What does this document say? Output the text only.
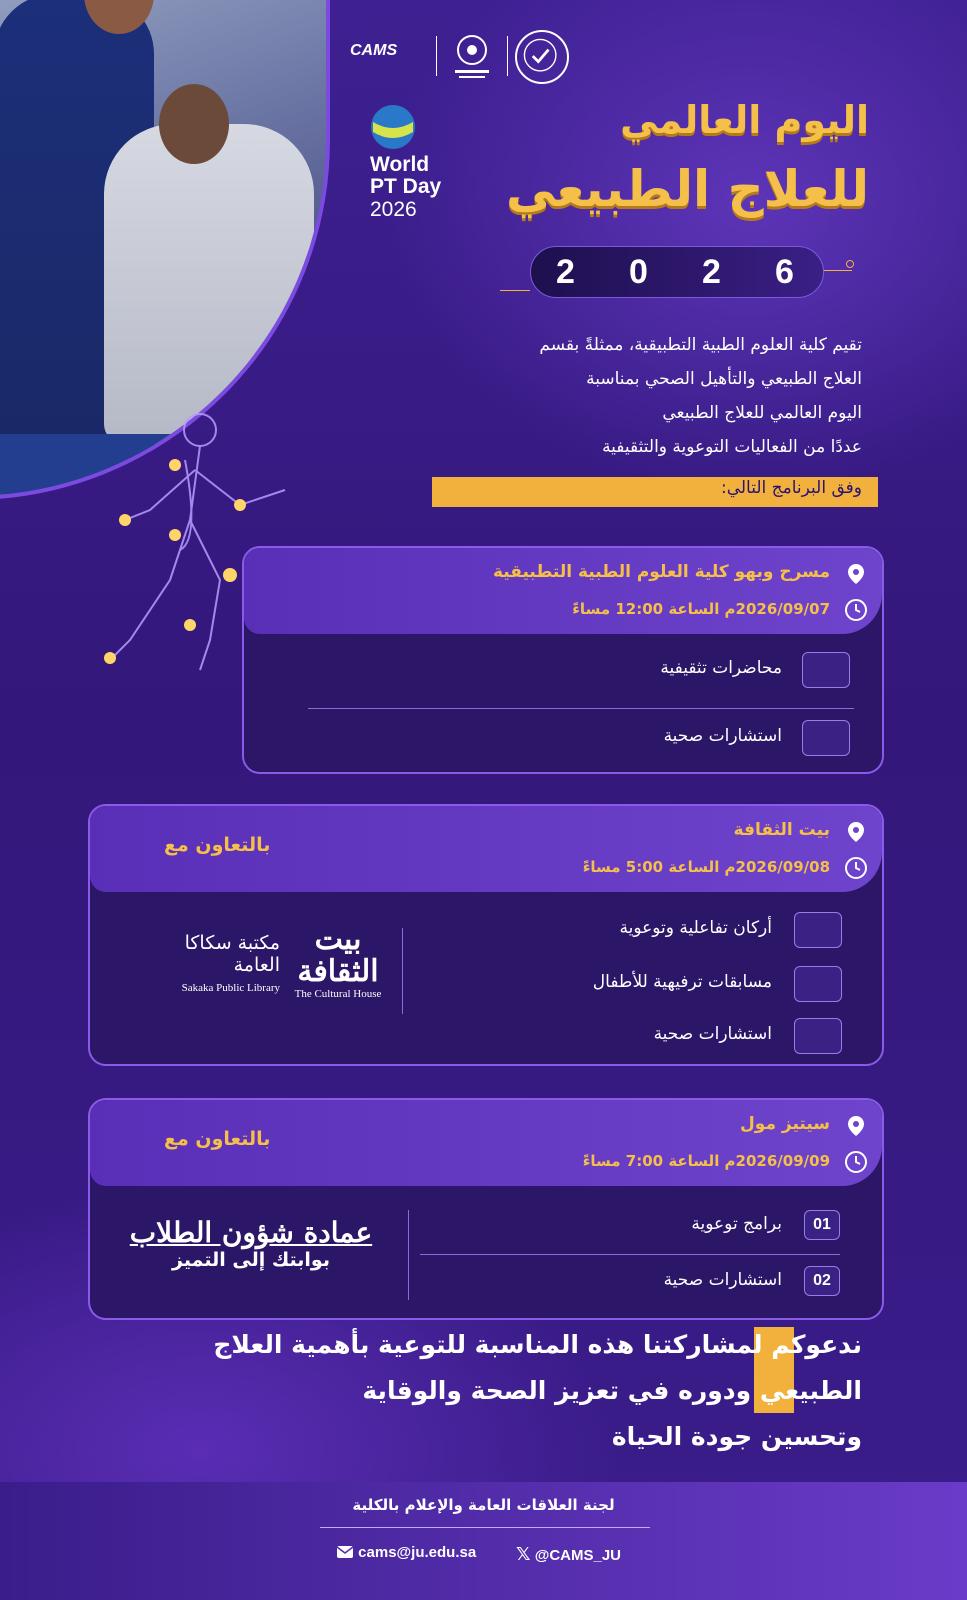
CAMS
World
PT Day
2026
اليوم العالمي
للعلاج الطبيعي
2 0 2 6
تقيم كلية العلوم الطبية التطبيقية، ممثلةً بقسم
العلاج الطبيعي والتأهيل الصحي بمناسبة
اليوم العالمي للعلاج الطبيعي
عددًا من الفعاليات التوعوية والتثقيفية
وفق البرنامج التالي:
مسرح وبهو كلية العلوم الطبية التطبيقية
2026/09/07م الساعة 12:00 مساءً
محاضرات تثقيفية
استشارات صحية
بيت الثقافة
2026/09/08م الساعة 5:00 مساءً
بالتعاون مع
أركان تفاعلية وتوعوية
مسابقات ترفيهية للأطفال
استشارات صحية
بيت
الثقافة
The Cultural House
مكتبة سكاكا
العامة
Sakaka Public Library
سيتيز مول
2026/09/09م الساعة 7:00 مساءً
بالتعاون مع
01
برامج توعوية
02
استشارات صحية
عمادة شؤون الطلاب
بوابتك إلى التميز
ندعوكم لمشاركتنا هذه المناسبة للتوعية بأهمية العلاج
الطبيعي ودوره في تعزيز الصحة والوقاية
وتحسين جودة الحياة
لجنة العلاقات العامة والإعلام بالكلية
cams@ju.edu.sa 𝕏 @CAMS_JU
